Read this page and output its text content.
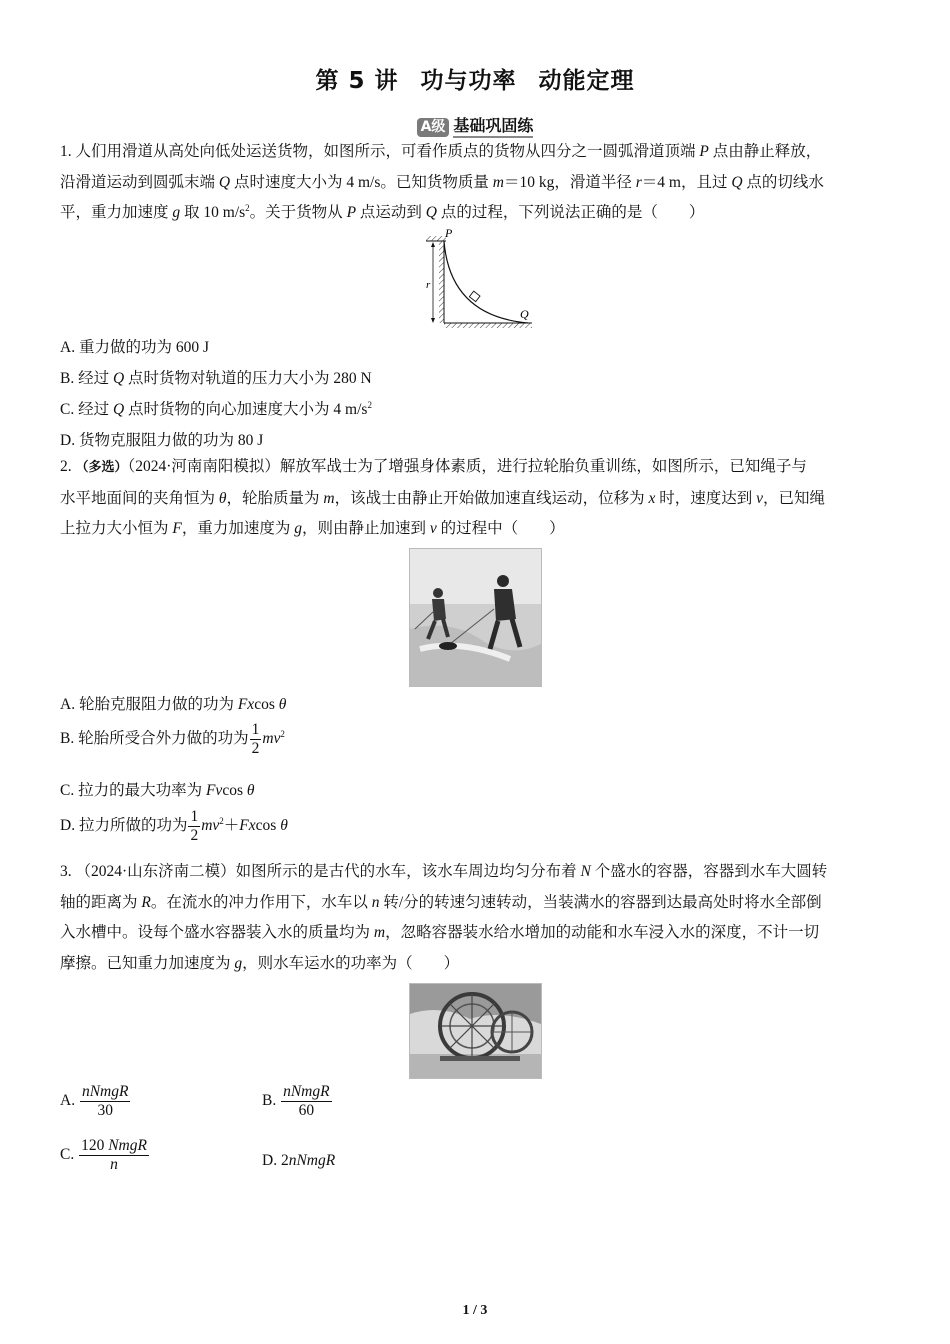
第 5 讲 功与功率 动能定理
A级 基础巩固练

1. 人们用滑道从高处向低处运送货物，如图所示，可看作质点的货物从四分之一圆弧滑道顶端 P 点由静止释放，

沿滑道运动到圆弧末端 Q 点时速度大小为 4 m/s。已知货物质量 m＝10 kg，滑道半径 r＝4 m，且过 Q 点的切线水

平，重力加速度 g 取 10 $m/s^2$。关于货物从 P 点运动到 Q 点的过程，下列说法正确的是（　　）

r
P
Q
A. 重力做的功为 600 J
B. 经过 Q 点时货物对轨道的压力大小为 280 N
C. 经过 Q 点时货物的向心加速度大小为 4 $m/s^2$
D. 货物克服阻力做的功为 80 J

2. （多选）（2024·河南南阳模拟）解放军战士为了增强身体素质，进行拉轮胎负重训练，如图所示，已知绳子与

水平地面间的夹角恒为 θ，轮胎质量为 m，该战士由静止开始做加速直线运动，位移为 x 时，速度达到 v，已知绳

上拉力大小恒为 F，重力加速度为 g，则由静止加速到 v 的过程中（　　）

A. 轮胎克服阻力做的功为 Fxcos θ
B. 轮胎所受合外力做的功为 $\frac{1}{2} mv^2$
C. 拉力的最大功率为 Fvcos θ
D. 拉力所做的功为 $\frac{1}{2} mv^2+Fxcos$ θ

3. （2024·山东济南二模）如图所示的是古代的水车，该水车周边均匀分布着 N 个盛水的容器，容器到水车大圆转

轴的距离为 R。在流水的冲力作用下，水车以 n 转/分的转速匀速转动，当装满水的容器到达最高处时将水全部倒

入水槽中。设每个盛水容器装入水的质量均为 m，忽略容器装水给水增加的动能和水车浸入水的深度，不计一切

摩擦。已知重力加速度为 g，则水车运水的功率为（　　）

A. $\frac{\text{nNmgR}}{30}$	B. $\frac{\text{nNmgR}}{60}$
C. $\frac{\text{120 NmgR}}{n}$	D. 2nNmgR
1 / 3
